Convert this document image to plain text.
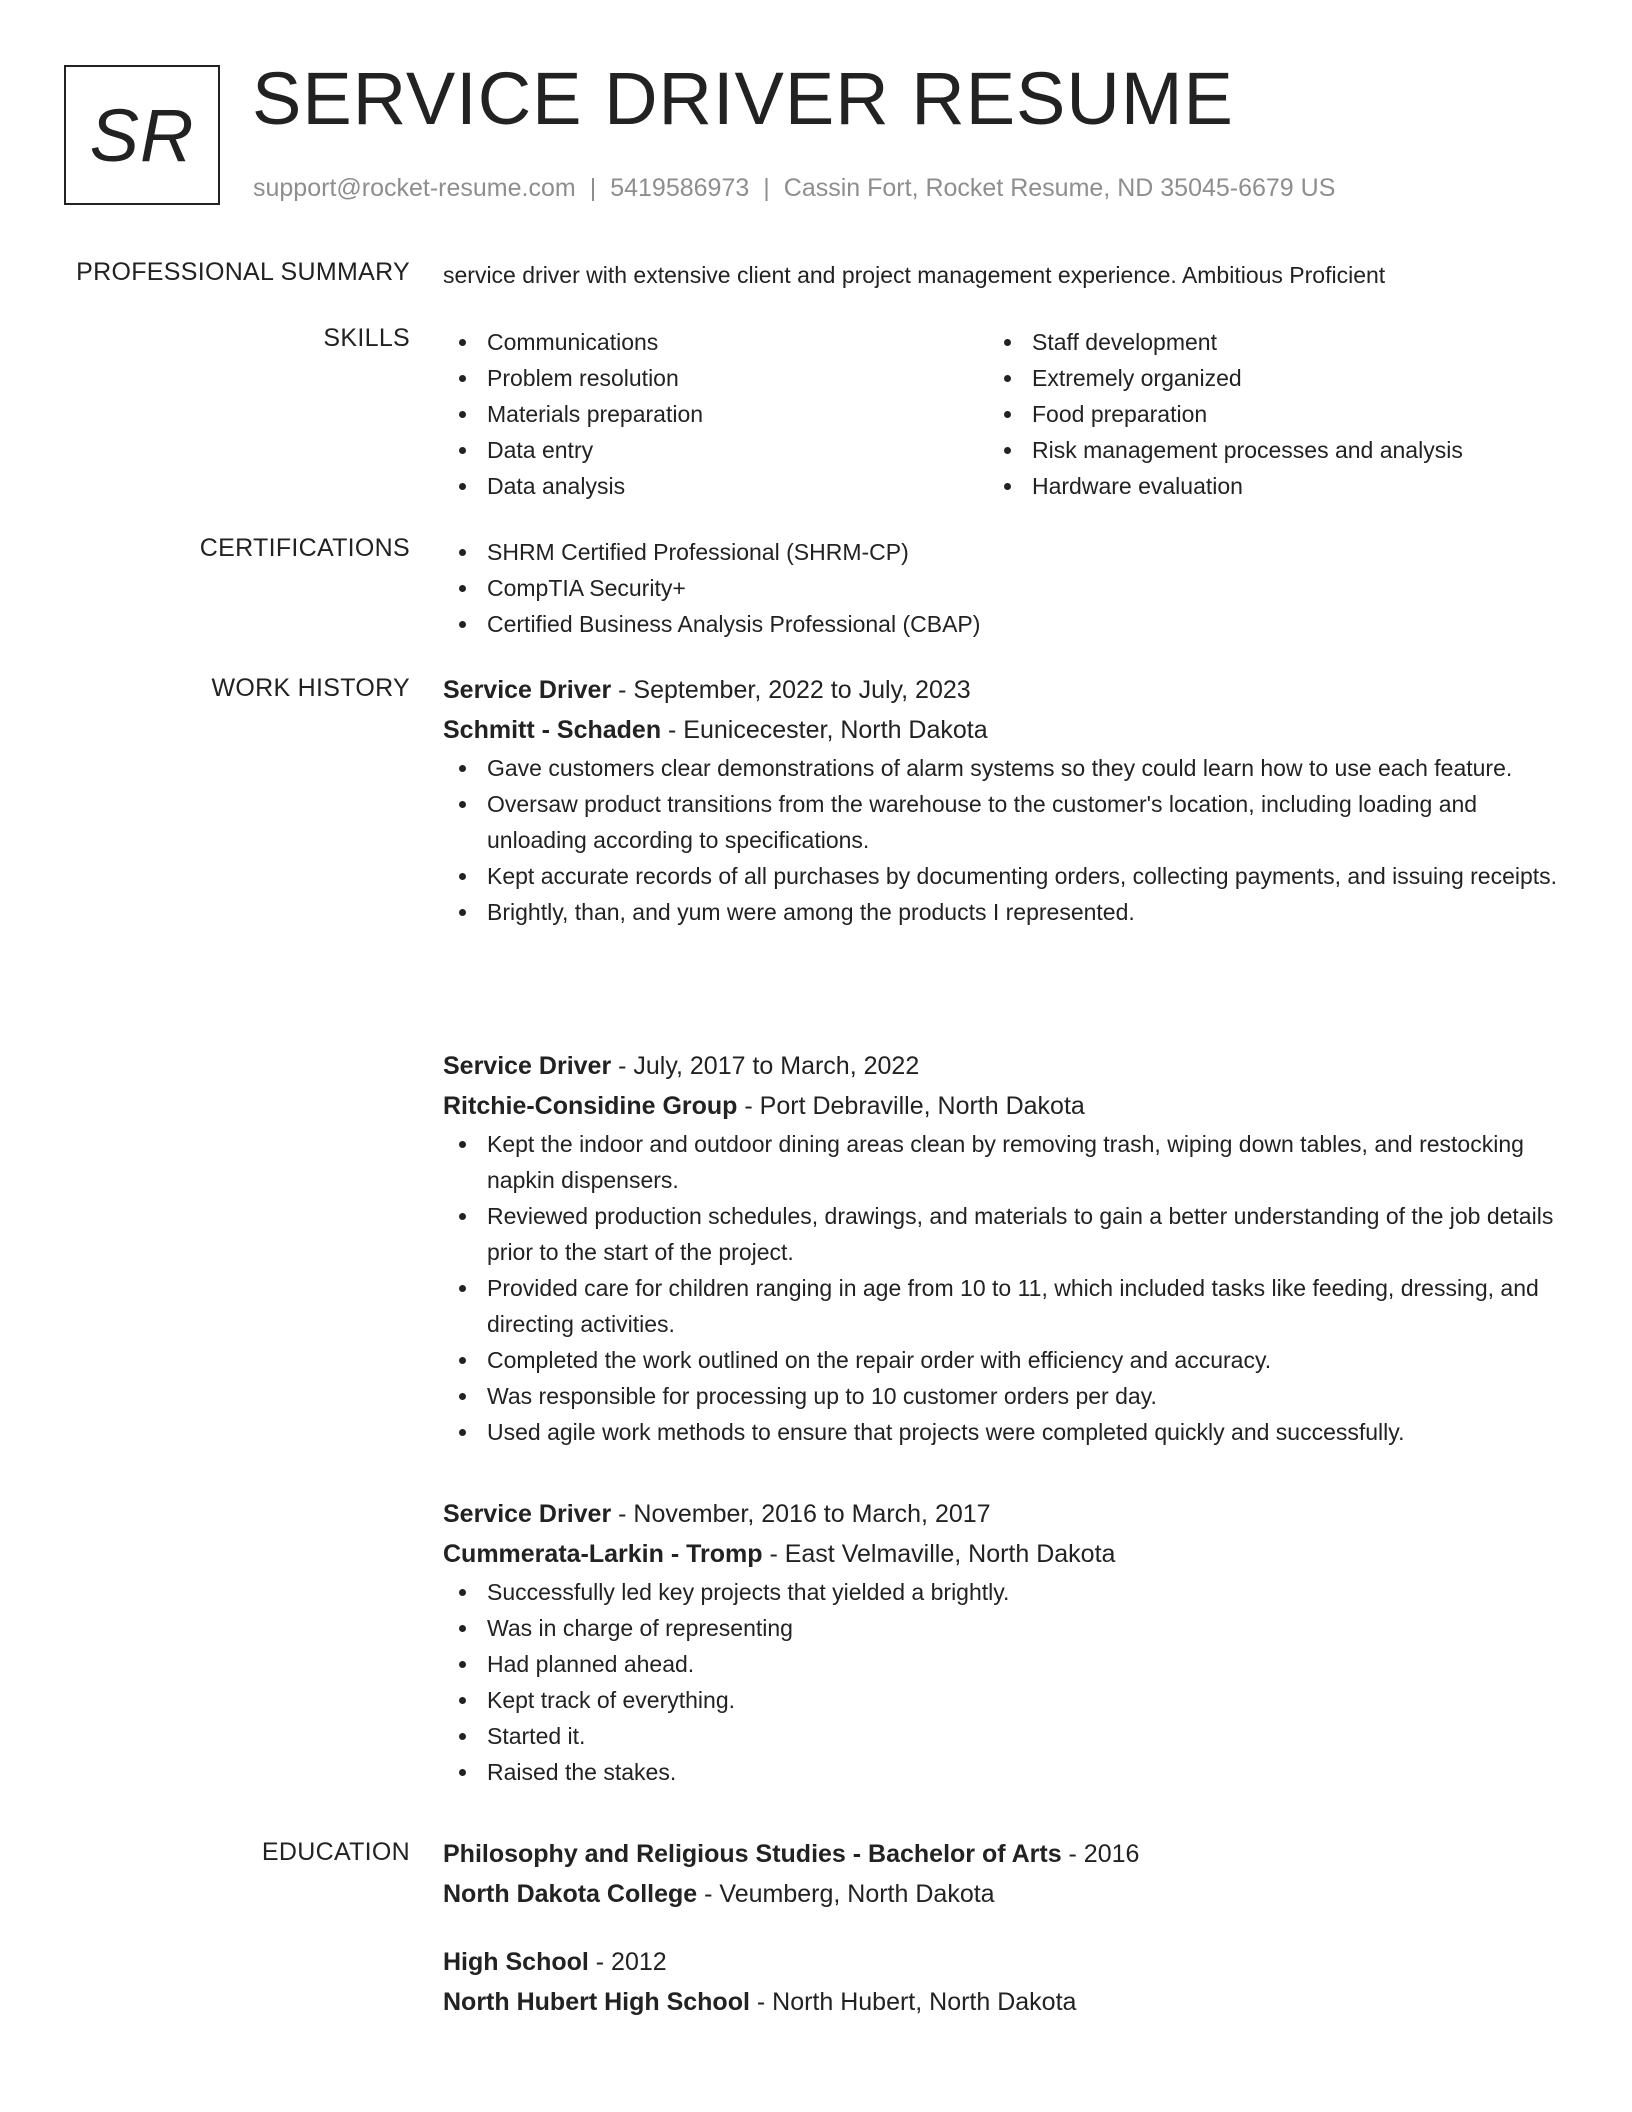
SR SERVICE DRIVER RESUME
support@rocket-resume.com | 5419586973 | Cassin Fort, Rocket Resume, ND 35045-6679 US
PROFESSIONAL SUMMARY service driver with extensive client and project management experience. Ambitious Proficient
SKILLS	Communications
Problem resolution
Materials preparation
Data entry
Data analysis
Staff development
Extremely organized
Food preparation
Risk management processes and analysis
Hardware evaluation
CERTIFICATIONS	SHRM Certified Professional (SHRM-CP)
CompTIA Security+
Certified Business Analysis Professional (CBAP)
WORK HISTORY Service Driver - September, 2022 to July, 2023
Schmitt - Schaden - Eunicecester, North Dakota
Gave customers clear demonstrations of alarm systems so they could learn how to use each feature.
Oversaw product transitions from the warehouse to the customer's location, including loading and unloading according to specifications.
Kept accurate records of all purchases by documenting orders, collecting payments, and issuing receipts.
Brightly, than, and yum were among the products I represented.
Service Driver - July, 2017 to March, 2022
Ritchie-Considine Group - Port Debraville, North Dakota
Kept the indoor and outdoor dining areas clean by removing trash, wiping down tables, and restocking napkin dispensers.
Reviewed production schedules, drawings, and materials to gain a better understanding of the job details prior to the start of the project.
Provided care for children ranging in age from 10 to 11, which included tasks like feeding, dressing, and directing activities.
Completed the work outlined on the repair order with efficiency and accuracy.
Was responsible for processing up to 10 customer orders per day.
Used agile work methods to ensure that projects were completed quickly and successfully.
Service Driver - November, 2016 to March, 2017
Cummerata-Larkin - Tromp - East Velmaville, North Dakota
Successfully led key projects that yielded a brightly.
Was in charge of representing
Had planned ahead.
Kept track of everything.
Started it.
Raised the stakes.
EDUCATION Philosophy and Religious Studies - Bachelor of Arts - 2016
North Dakota College - Veumberg, North Dakota
High School - 2012
North Hubert High School - North Hubert, North Dakota
